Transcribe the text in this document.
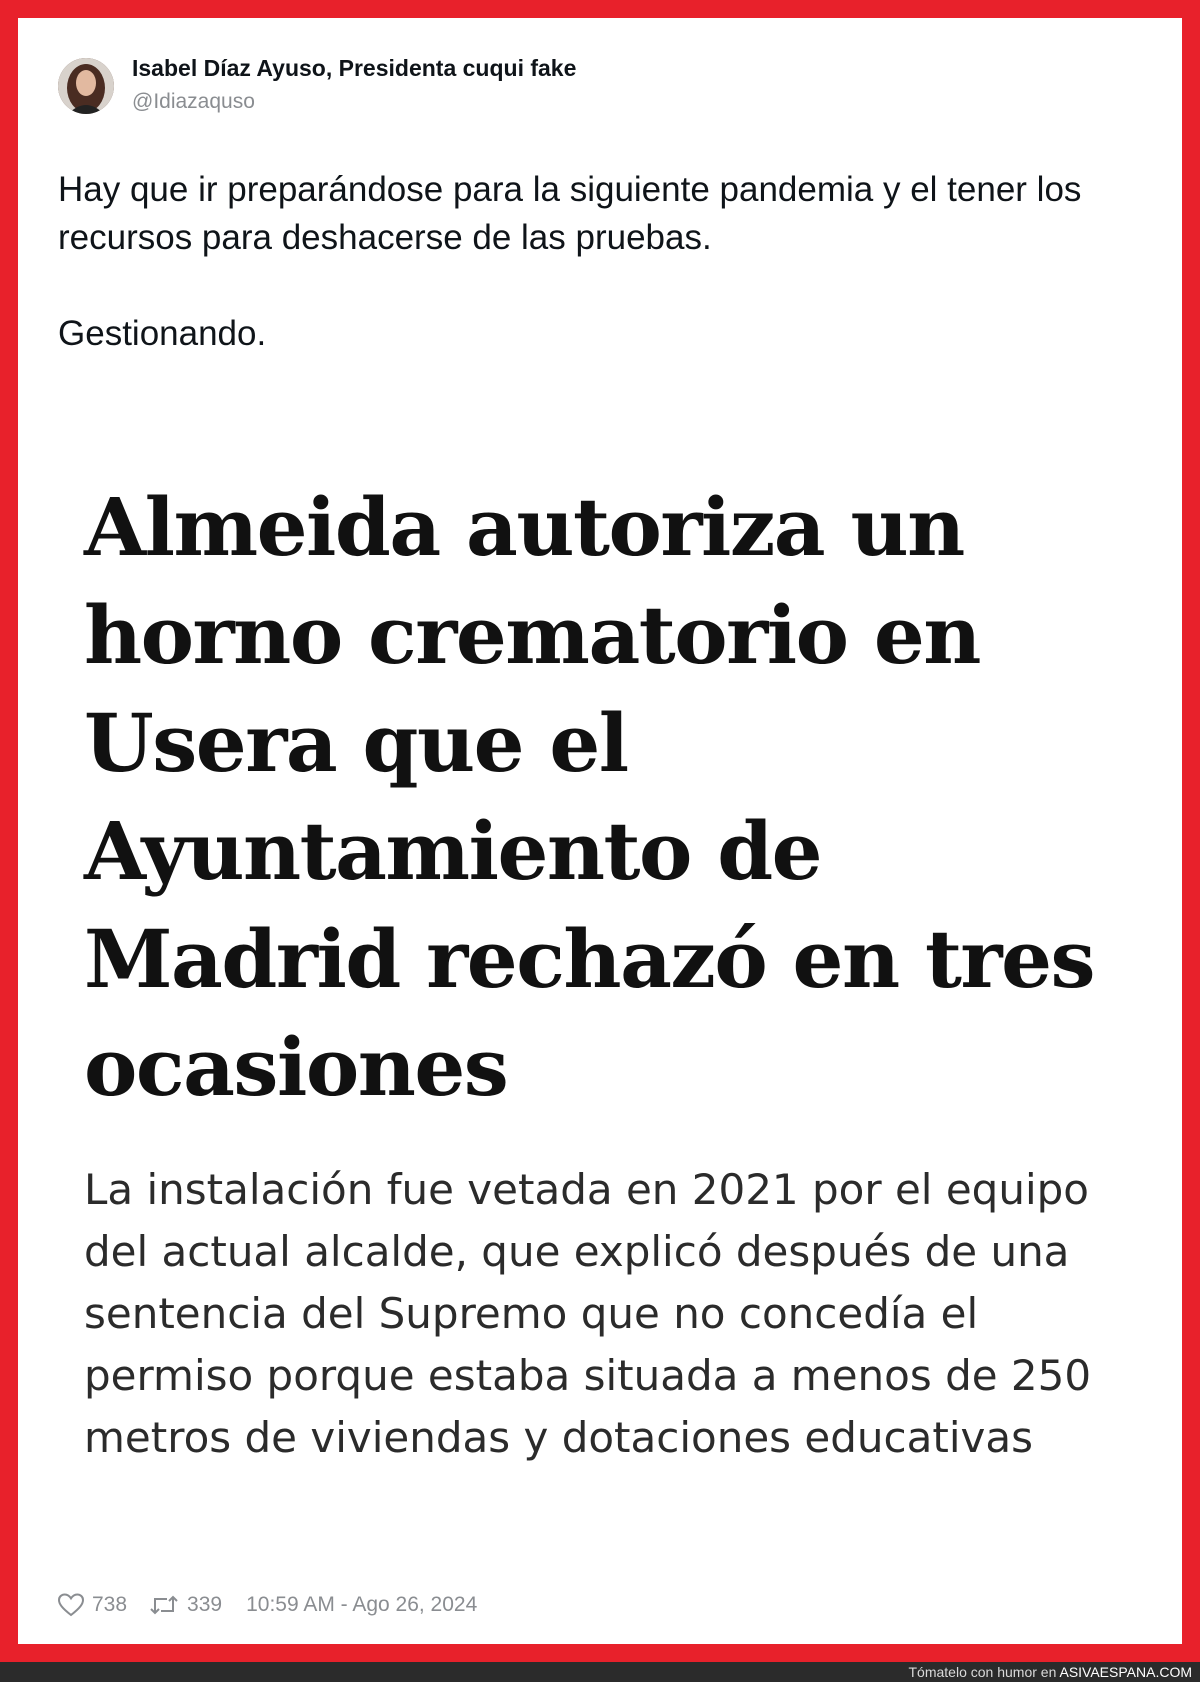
Isabel Díaz Ayuso, Presidenta cuqui fake
@Idiazaquso

Hay que ir preparándose para la siguiente pandemia y el tener los recursos para deshacerse de las pruebas.

Gestionando.

Almeida autoriza un horno crematorio en Usera que el Ayuntamiento de Madrid rechazó en tres ocasiones
La instalación fue vetada en 2021 por el equipo del actual alcalde, que explicó después de una sentencia del Supremo que no concedía el permiso porque estaba situada a menos de 250 metros de viviendas y dotaciones educativas
738	339 10:59 AM - Ago 26, 2024
Tómatelo con humor en ASIVAESPANA.COM
